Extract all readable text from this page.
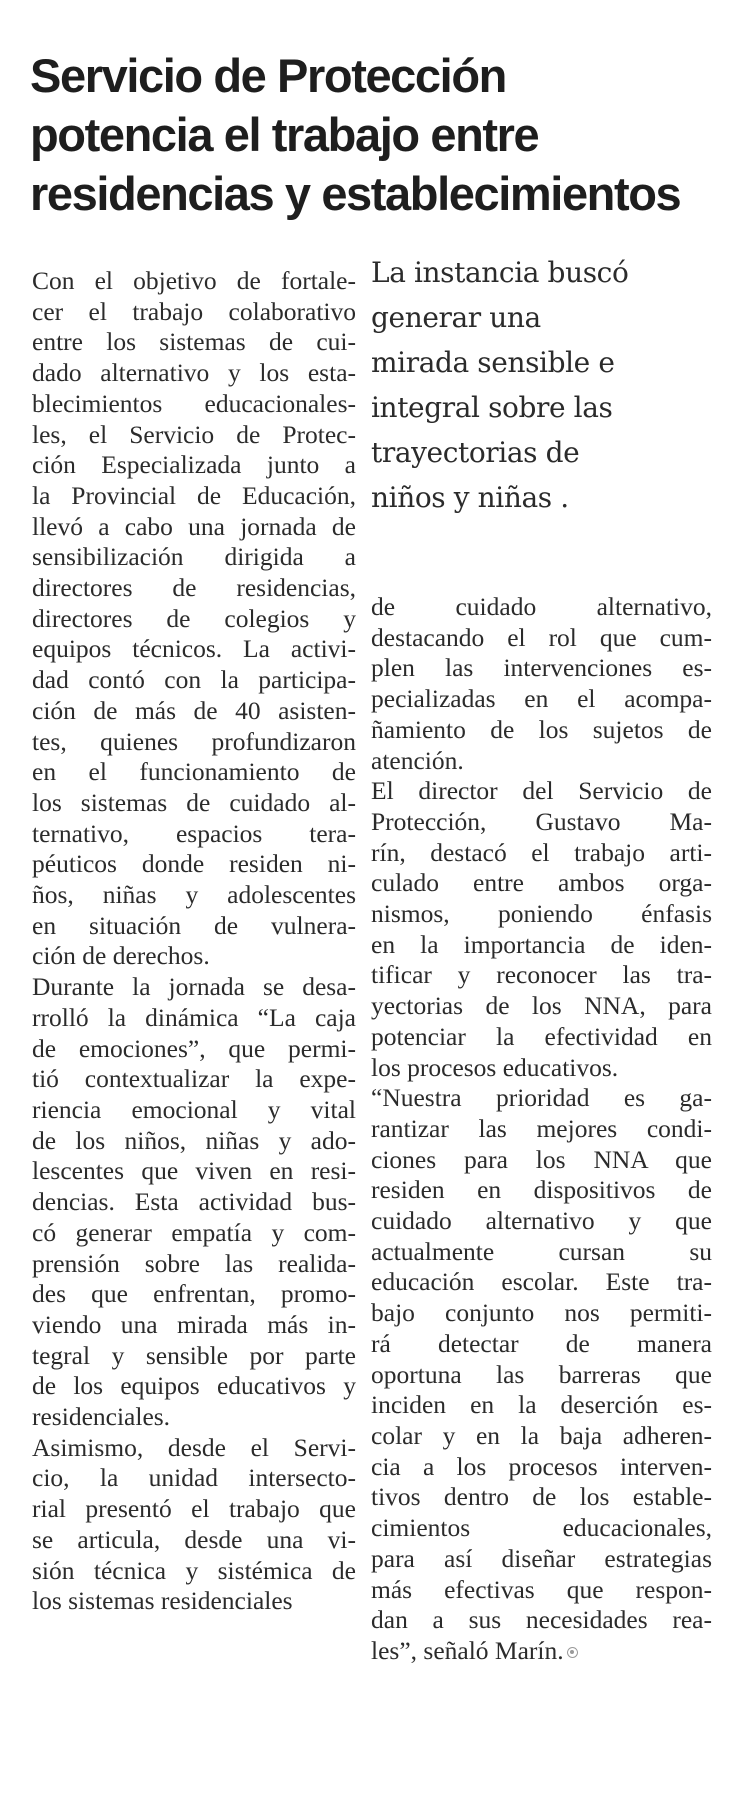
Servicio de Protección
potencia el trabajo entre
residencias y establecimientos
La instancia buscó
generar una
mirada sensible e
integral sobre las
trayectorias de
niños y niñas .
Con el objetivo de fortale-
cer el trabajo colaborativo
entre los sistemas de cui-
dado alternativo y los esta-
blecimientos educacionales-
les, el Servicio de Protec-
ción Especializada junto a
la Provincial de Educación,
llevó a cabo una jornada de
sensibilización dirigida a
directores de residencias,
directores de colegios y
equipos técnicos. La activi-
dad contó con la participa-
ción de más de 40 asisten-
tes, quienes profundizaron
en el funcionamiento de
los sistemas de cuidado al-
ternativo, espacios tera-
péuticos donde residen ni-
ños, niñas y adolescentes
en situación de vulnera-
ción de derechos.
Durante la jornada se desa-
rrolló la dinámica “La caja
de emociones”, que permi-
tió contextualizar la expe-
riencia emocional y vital
de los niños, niñas y ado-
lescentes que viven en resi-
dencias. Esta actividad bus-
có generar empatía y com-
prensión sobre las realida-
des que enfrentan, promo-
viendo una mirada más in-
tegral y sensible por parte
de los equipos educativos y
residenciales.
Asimismo, desde el Servi-
cio, la unidad intersecto-
rial presentó el trabajo que
se articula, desde una vi-
sión técnica y sistémica de
los sistemas residenciales
de cuidado alternativo,
destacando el rol que cum-
plen las intervenciones es-
pecializadas en el acompa-
ñamiento de los sujetos de
atención.
El director del Servicio de
Protección, Gustavo Ma-
rín, destacó el trabajo arti-
culado entre ambos orga-
nismos, poniendo énfasis
en la importancia de iden-
tificar y reconocer las tra-
yectorias de los NNA, para
potenciar la efectividad en
los procesos educativos.
“Nuestra prioridad es ga-
rantizar las mejores condi-
ciones para los NNA que
residen en dispositivos de
cuidado alternativo y que
actualmente cursan su
educación escolar. Este tra-
bajo conjunto nos permiti-
rá detectar de manera
oportuna las barreras que
inciden en la deserción es-
colar y en la baja adheren-
cia a los procesos interven-
tivos dentro de los estable-
cimientos educacionales,
para así diseñar estrategias
más efectivas que respon-
dan a sus necesidades rea-
les”, señaló Marín.
